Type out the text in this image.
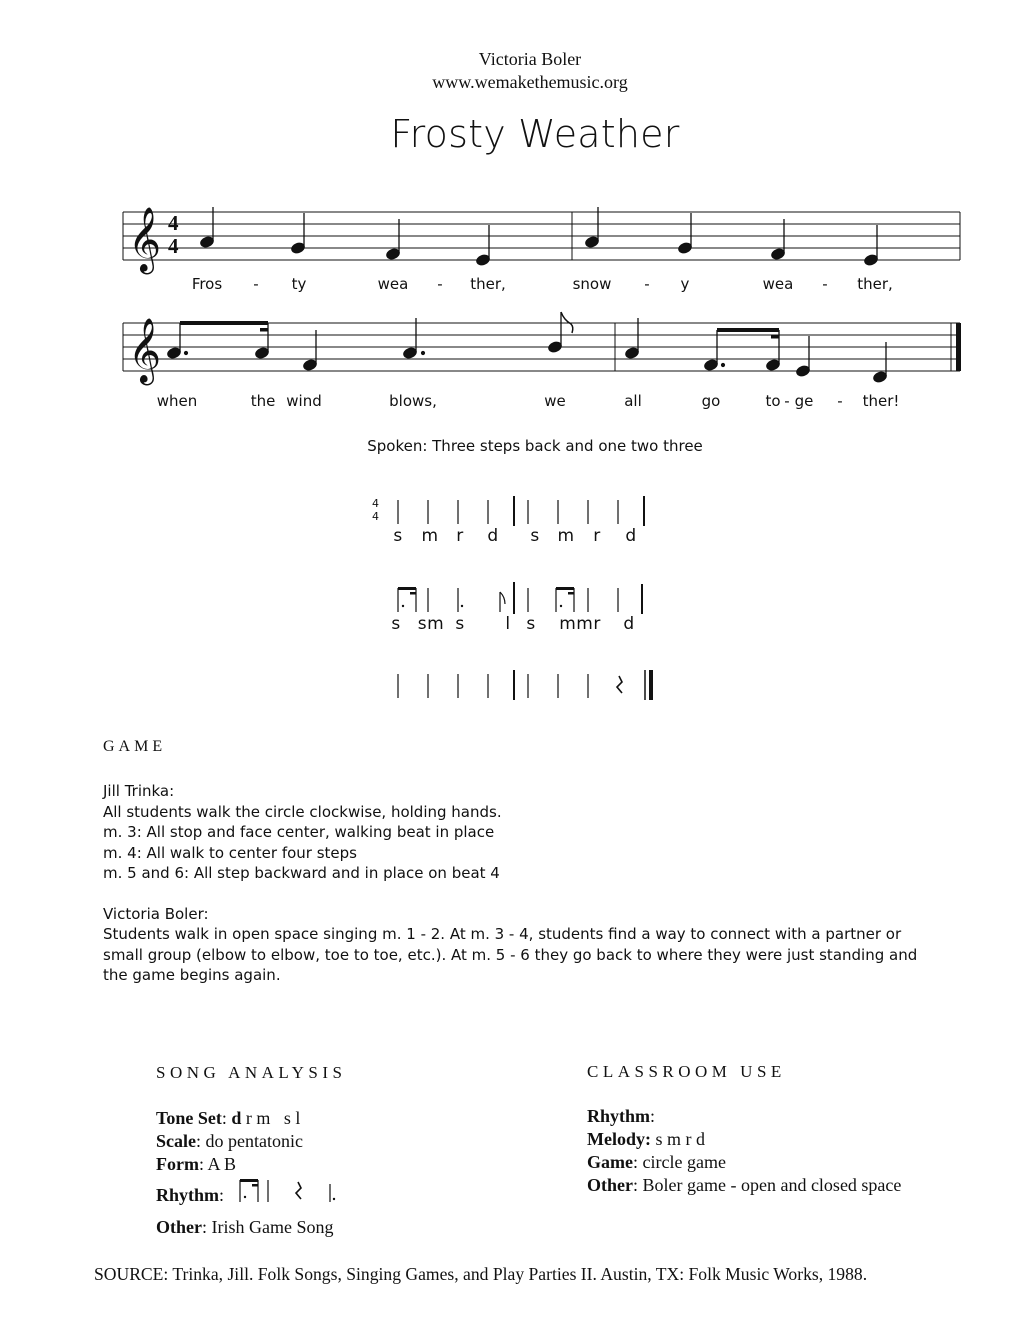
Victoria Boler
www.wemakethemusic.org
Frosty Weather
𝄞 4
4
𝄞
4
4
Fros - ty	wea - ther,	snow - y	wea - ther,
when	the wind	blows,	we	all	go	to - ge - ther!
Spoken: Three steps back and one two three
s m r d s m r d
s sm s l s mmr d
GAME

Jill Trinka:

All students walk the circle clockwise, holding hands.

m. 3: All stop and face center, walking beat in place

m. 4: All walk to center four steps

m. 5 and 6: All step backward and in place on beat 4

Victoria Boler:

Students walk in open space singing m. 1 - 2. At m. 3 - 4, students find a way to connect with a partner or small group (elbow to elbow, toe to toe, etc.). At m. 5 - 6 they go back to where they were just standing and the game begins again.

SONG ANALYSIS
Tone Set: d r m   s l
Scale: do pentatonic
Form: A B
Rhythm:
Other: Irish Game Song
CLASSROOM USE
Rhythm:
Melody: s m r d
Game: circle game
Other: Boler game - open and closed space
SOURCE: Trinka, Jill. Folk Songs, Singing Games, and Play Parties II. Austin, TX: Folk Music Works, 1988.
